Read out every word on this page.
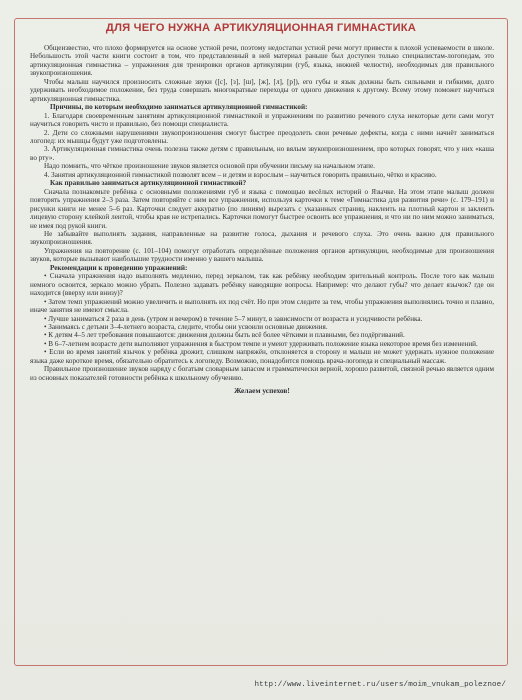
ДЛЯ ЧЕГО НУЖНА АРТИКУЛЯЦИОННАЯ ГИМНАСТИКА

Общеизвестно, что плохо формируется на основе устной речи, поэтому недостатки устной речи могут привести к плохой успеваемости в школе. Небольшость этой части книги состоит в том, что представленный в ней материал раньше был доступен только специалистам-логопедам, это артикуляционная гимнастика – упражнения для тренировки органов артикуляции (губ, языка, нижней челюсти), необходимых для правильного звукопроизношения.

Чтобы малыш научился произносить сложные звуки ([с], [з], [ш], [ж], [л], [р]), его губы и язык должны быть сильными и гибкими, долго удерживать необходимое положение, без труда совершать многократные переходы от одного движения к другому. Всему этому поможет научиться артикуляционная гимнастика.

Причины, по которым необходимо заниматься артикуляционной гимнастикой:

1. Благодаря своевременным занятиям артикуляционной гимнастикой и упражнениям по развитию речевого слуха некоторые дети сами могут научиться говорить чисто и правильно, без помощи специалиста.

2. Дети со сложными нарушениями звукопроизношения смогут быстрее преодолеть свои речевые дефекты, когда с ними начнёт заниматься логопед: их мышцы будут уже подготовлены.

3. Артикуляционная гимнастика очень полезна также детям с правильным, но вялым звукопроизношением, про которых говорят, что у них «каша во рту».

Надо помнить, что чёткое произношение звуков является основой при обучении письму на начальном этапе.

4. Занятия артикуляционной гимнастикой позволят всем – и детям и взрослым – научиться говорить правильно, чётко и красиво.

Как правильно заниматься артикуляционной гимнастикой?

Сначала познакомьте ребёнка с основными положениями губ и языка с помощью весёлых историй о Язычке. На этом этапе малыш должен повторять упражнения 2–3 раза. Затем повторяйте с ним все упражнения, используя карточки к теме «Гимнастика для развития речи» (с. 179–191) и рисунки книги не менее 5–6 раз. Карточки следует аккуратно (по линиям) вырезать с указанных страниц, наклеить на плотный картон и заклеить лицевую сторону клейкой лентой, чтобы края не истрепались. Карточки помогут быстрее освоить все упражнения, и что ни по ним можно заниматься, не имея под рукой книги.

Не забывайте выполнять задания, направленные на развитие голоса, дыхания и речевого слуха. Это очень важно для правильного звукопроизношения.

Упражнения на повторение (с. 101–104) помогут отработать определённые положения органов артикуляции, необходимые для произношения звуков, которые вызывают наибольшие трудности именно у вашего малыша.

Рекомендации к проведению упражнений:

• Сначала упражнения надо выполнять медленно, перед зеркалом, так как ребёнку необходим зрительный контроль. После того как малыш немного освоится, зеркало можно убрать. Полезно задавать ребёнку наводящие вопросы. Например: что делают губы? что делает язычок? где он находится (вверху или внизу)?

• Затем темп упражнений можно увеличить и выполнять их под счёт. Но при этом следите за тем, чтобы упражнения выполнялись точно и плавно, иначе занятия не имеют смысла.

• Лучше заниматься 2 раза в день (утром и вечером) в течение 5–7 минут, в зависимости от возраста и усидчивости ребёнка.

• Занимаясь с детьми 3–4-летнего возраста, следите, чтобы они усвоили основные движения.

• К детям 4–5 лет требования повышаются: движения должны быть всё более чёткими и плавными, без подёргиваний.

• В 6–7-летнем возрасте дети выполняют упражнения в быстром темпе и умеют удерживать положение языка некоторое время без изменений.

• Если во время занятий язычок у ребёнка дрожит, слишком напряжён, отклоняется в сторону и малыш не может удержать нужное положение языка даже короткое время, обязательно обратитесь к логопеду. Возможно, понадобится помощь врача-логопеда и специальный массаж.

Правильное произношение звуков наряду с богатым словарным запасом и грамматически верной, хорошо развитой, связной речью является одним из основных показателей готовности ребёнка к школьному обучению.

Желаем успехов!

http://www.liveinternet.ru/users/moim_vnukam_poleznoe/
